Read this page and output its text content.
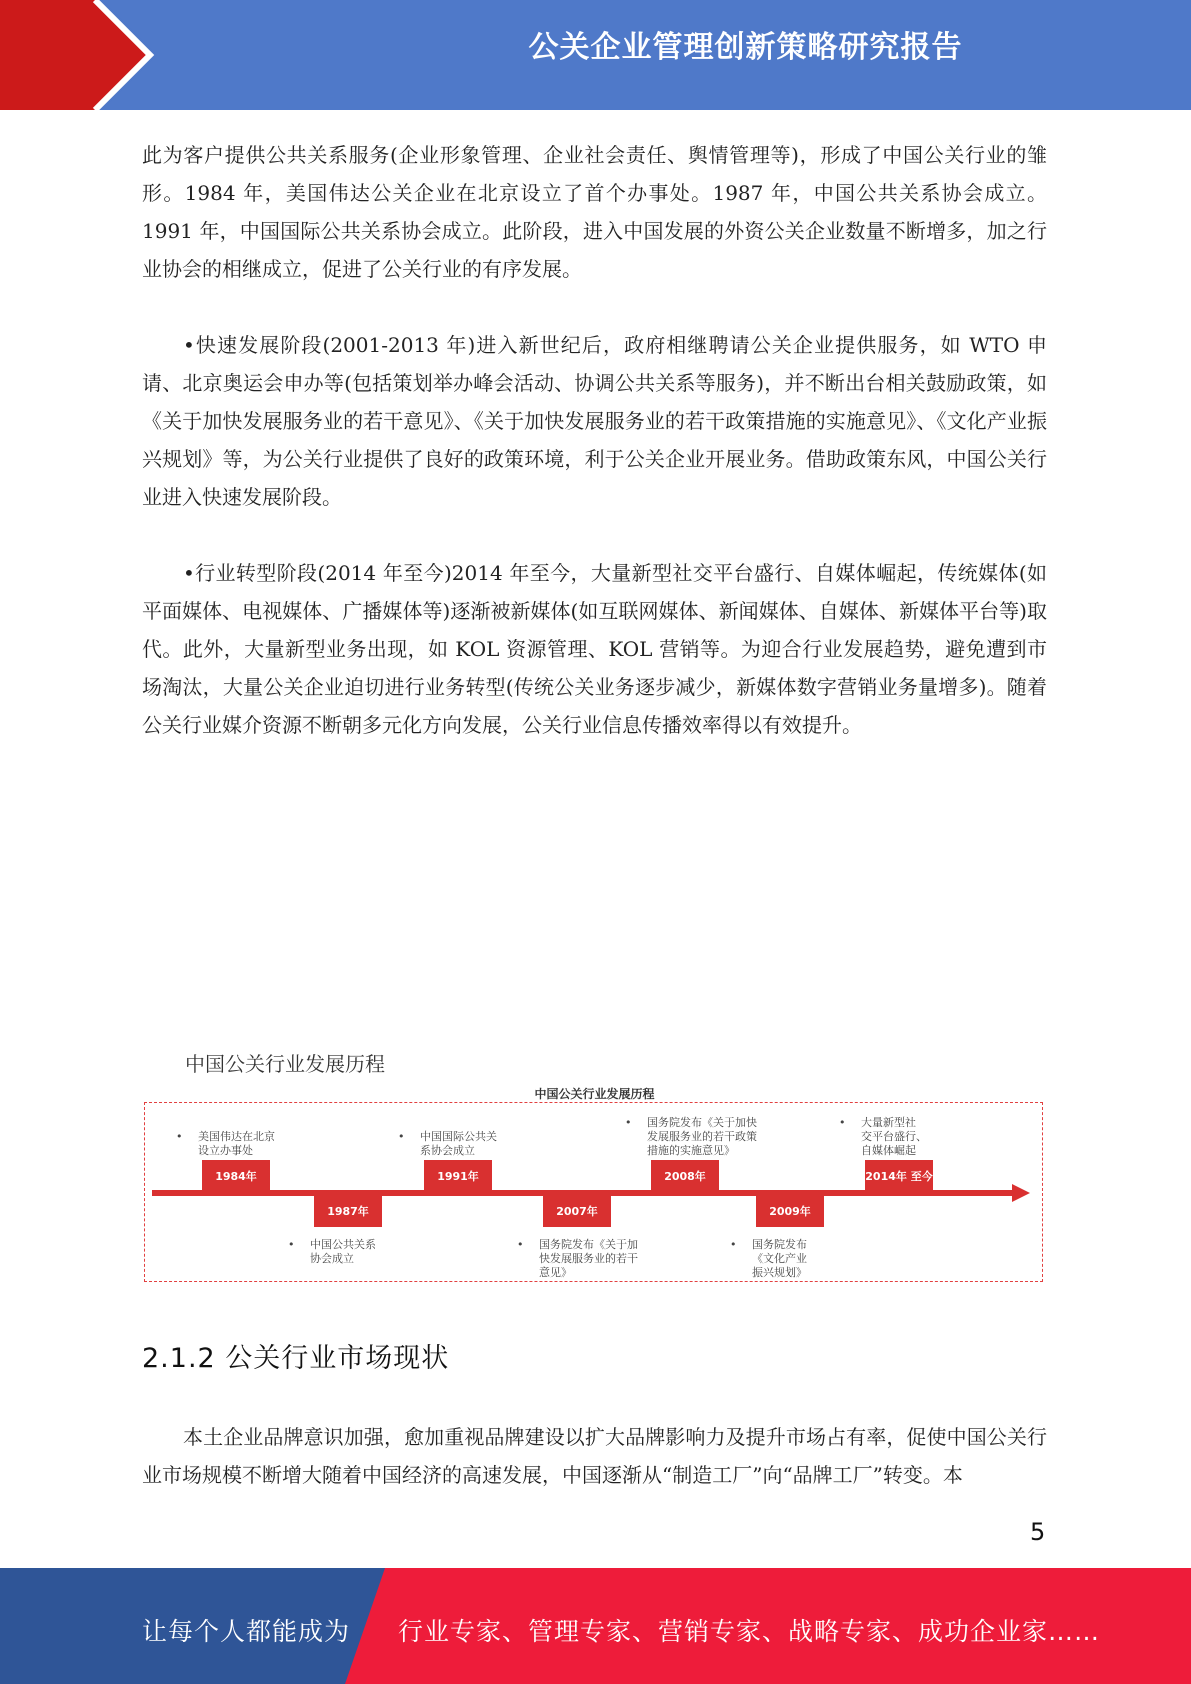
公关企业管理创新策略研究报告

此为客户提供公共关系服务(企业形象管理、企业社会责任、舆情管理等)，形成了中国公关行业的雏形。1984 年，美国伟达公关企业在北京设立了首个办事处。1987 年，中国公共关系协会成立。1991 年，中国国际公共关系协会成立。此阶段，进入中国发展的外资公关企业数量不断增多，加之行业协会的相继成立，促进了公关行业的有序发展。

•快速发展阶段(2001-2013 年)进入新世纪后，政府相继聘请公关企业提供服务，如 WTO 申请、北京奥运会申办等(包括策划举办峰会活动、协调公共关系等服务)，并不断出台相关鼓励政策，如《关于加快发展服务业的若干意见》、《关于加快发展服务业的若干政策措施的实施意见》、《文化产业振兴规划》等，为公关行业提供了良好的政策环境，利于公关企业开展业务。借助政策东风，中国公关行业进入快速发展阶段。

•行业转型阶段(2014 年至今)2014 年至今，大量新型社交平台盛行、自媒体崛起，传统媒体(如平面媒体、电视媒体、广播媒体等)逐渐被新媒体(如互联网媒体、新闻媒体、自媒体、新媒体平台等)取代。此外，大量新型业务出现，如 KOL 资源管理、KOL 营销等。为迎合行业发展趋势，避免遭到市场淘汰，大量公关企业迫切进行业务转型(传统公关业务逐步减少，新媒体数字营销业务量增多)。随着公关行业媒介资源不断朝多元化方向发展，公关行业信息传播效率得以有效提升。

中国公关行业发展历程
中国公关行业发展历程
1984年
• 美国伟达在北京
设立办事处
1987年
• 中国公共关系
协会成立
1991年
• 中国国际公共关
系协会成立
2007年
• 国务院发布《关于加
快发展服务业的若干
意见》
2008年
• 国务院发布《关于加快
发展服务业的若干政策
措施的实施意见》
2009年
• 国务院发布
《文化产业
振兴规划》
2014年 至今
• 大量新型社
交平台盛行、
自媒体崛起
2.1.2 公关行业市场现状

本土企业品牌意识加强，愈加重视品牌建设以扩大品牌影响力及提升市场占有率，促使中国公关行业市场规模不断增大随着中国经济的高速发展，中国逐渐从“制造工厂”向“品牌工厂”转变。本

5
让每个人都能成为 行业专家、管理专家、营销专家、战略专家、成功企业家……
